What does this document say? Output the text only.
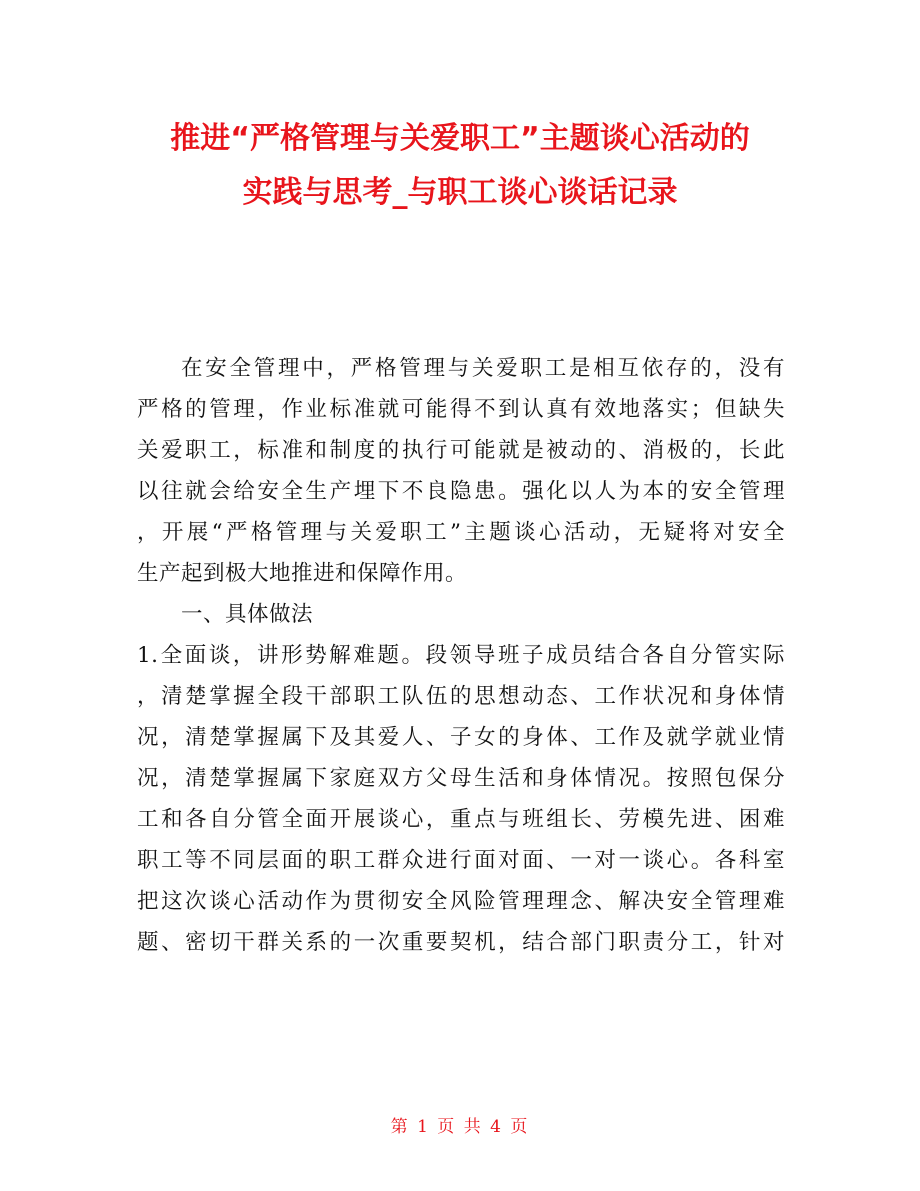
推进“严格管理与关爱职工”主题谈心活动的
实践与思考_与职工谈心谈话记录
在安全管理中，严格管理与关爱职工是相互依存的，没有
严格的管理，作业标准就可能得不到认真有效地落实；但缺失
关爱职工，标准和制度的执行可能就是被动的、消极的，长此
以往就会给安全生产埋下不良隐患。强化以人为本的安全管理
，开展“严格管理与关爱职工”主题谈心活动，无疑将对安全
生产起到极大地推进和保障作用。
一、具体做法
1.全面谈，讲形势解难题。段领导班子成员结合各自分管实际
，清楚掌握全段干部职工队伍的思想动态、工作状况和身体情
况，清楚掌握属下及其爱人、子女的身体、工作及就学就业情
况，清楚掌握属下家庭双方父母生活和身体情况。按照包保分
工和各自分管全面开展谈心，重点与班组长、劳模先进、困难
职工等不同层面的职工群众进行面对面、一对一谈心。各科室
把这次谈心活动作为贯彻安全风险管理理念、解决安全管理难
题、密切干群关系的一次重要契机，结合部门职责分工，针对
第 1 页 共 4 页
